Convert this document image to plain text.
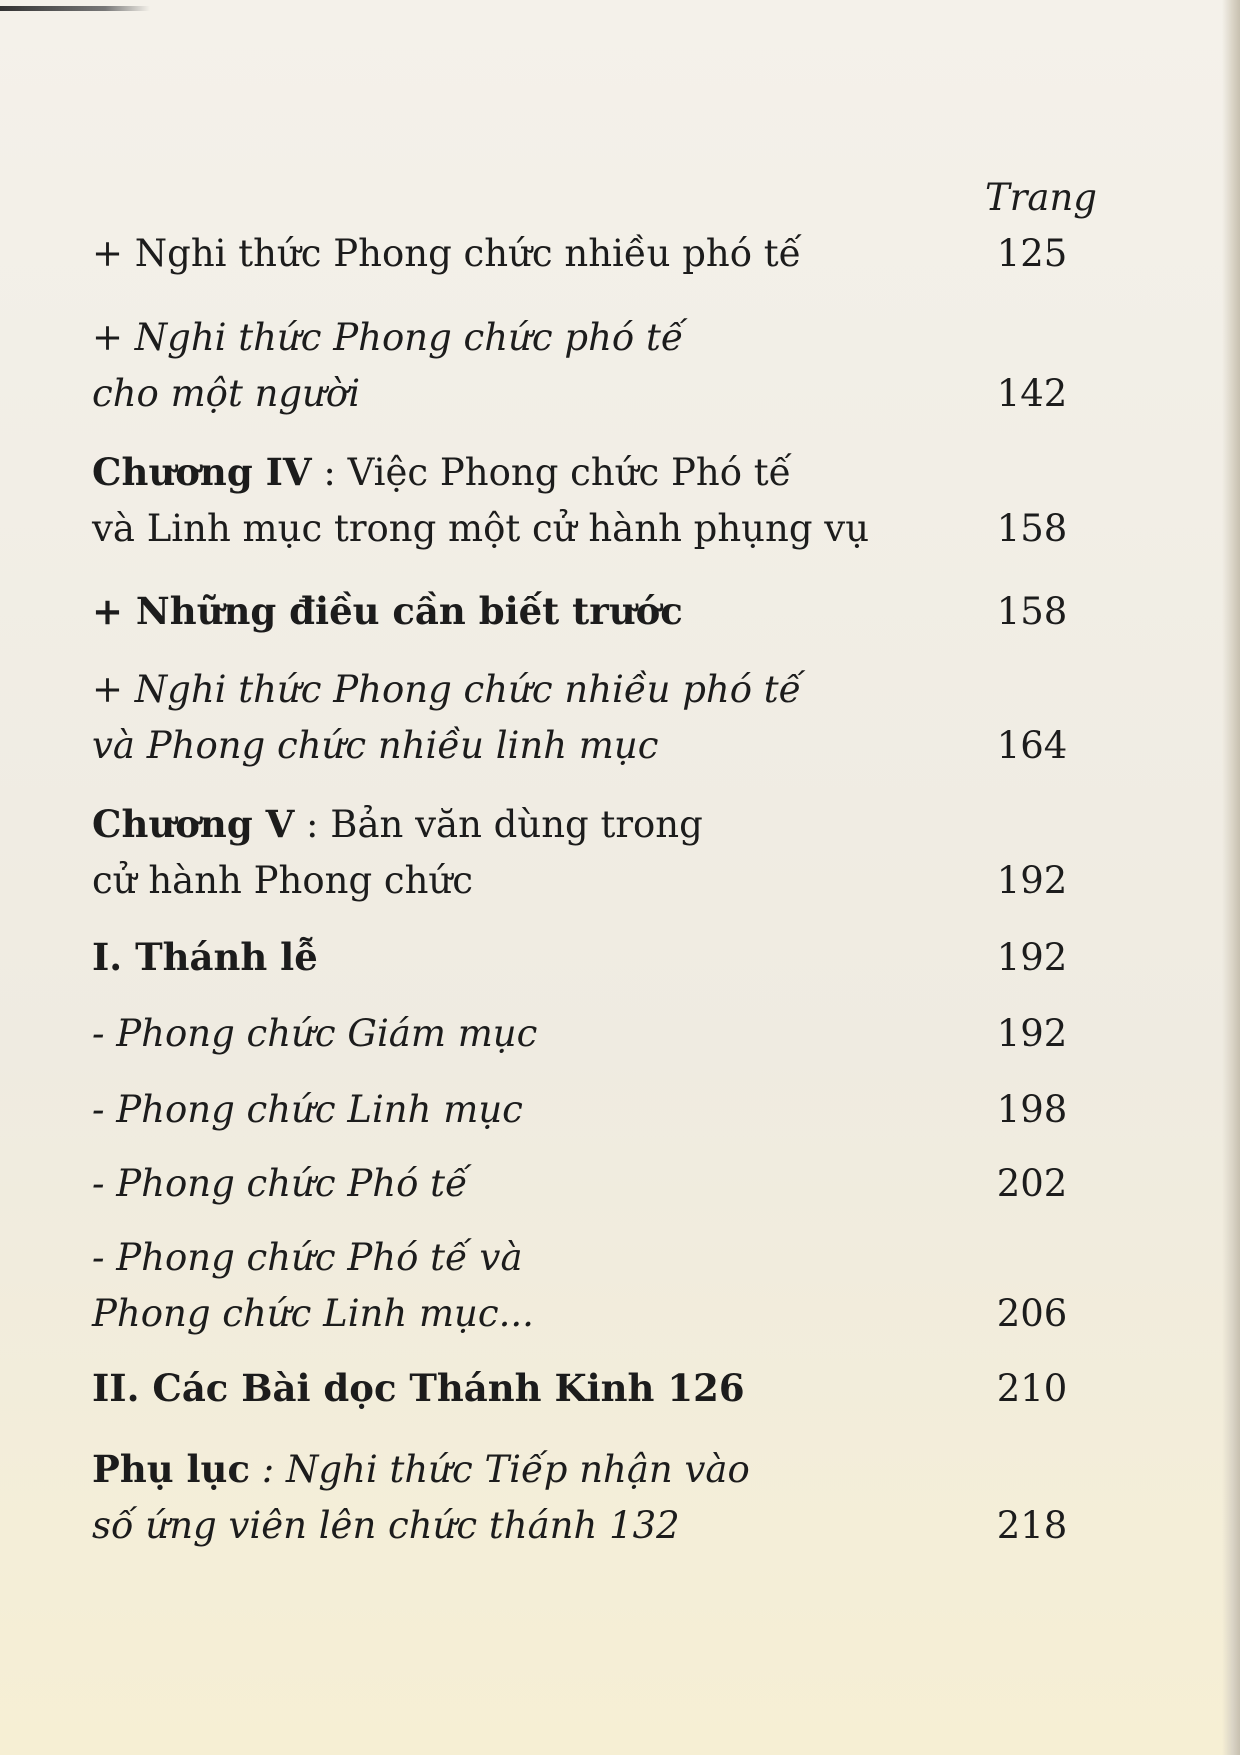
Trang
+ Nghi thức Phong chức nhiều phó tế	125
+ Nghi thức Phong chức phó tế
cho một người	142
Chương IV : Việc Phong chức Phó tế
và Linh mục trong một cử hành phụng vụ	158
+ Những điều cần biết trước	158
+ Nghi thức Phong chức nhiều phó tế
và Phong chức nhiều linh mục	164
Chương V : Bản văn dùng trong
cử hành Phong chức	192
I. Thánh lễ	192
- Phong chức Giám mục	192
- Phong chức Linh mục	198
- Phong chức Phó tế	202
- Phong chức Phó tế và
Phong chức Linh mục...	206
II. Các Bài dọc Thánh Kinh 126	210
Phụ lục : Nghi thức Tiếp nhận vào
số ứng viên lên chức thánh 132	218
